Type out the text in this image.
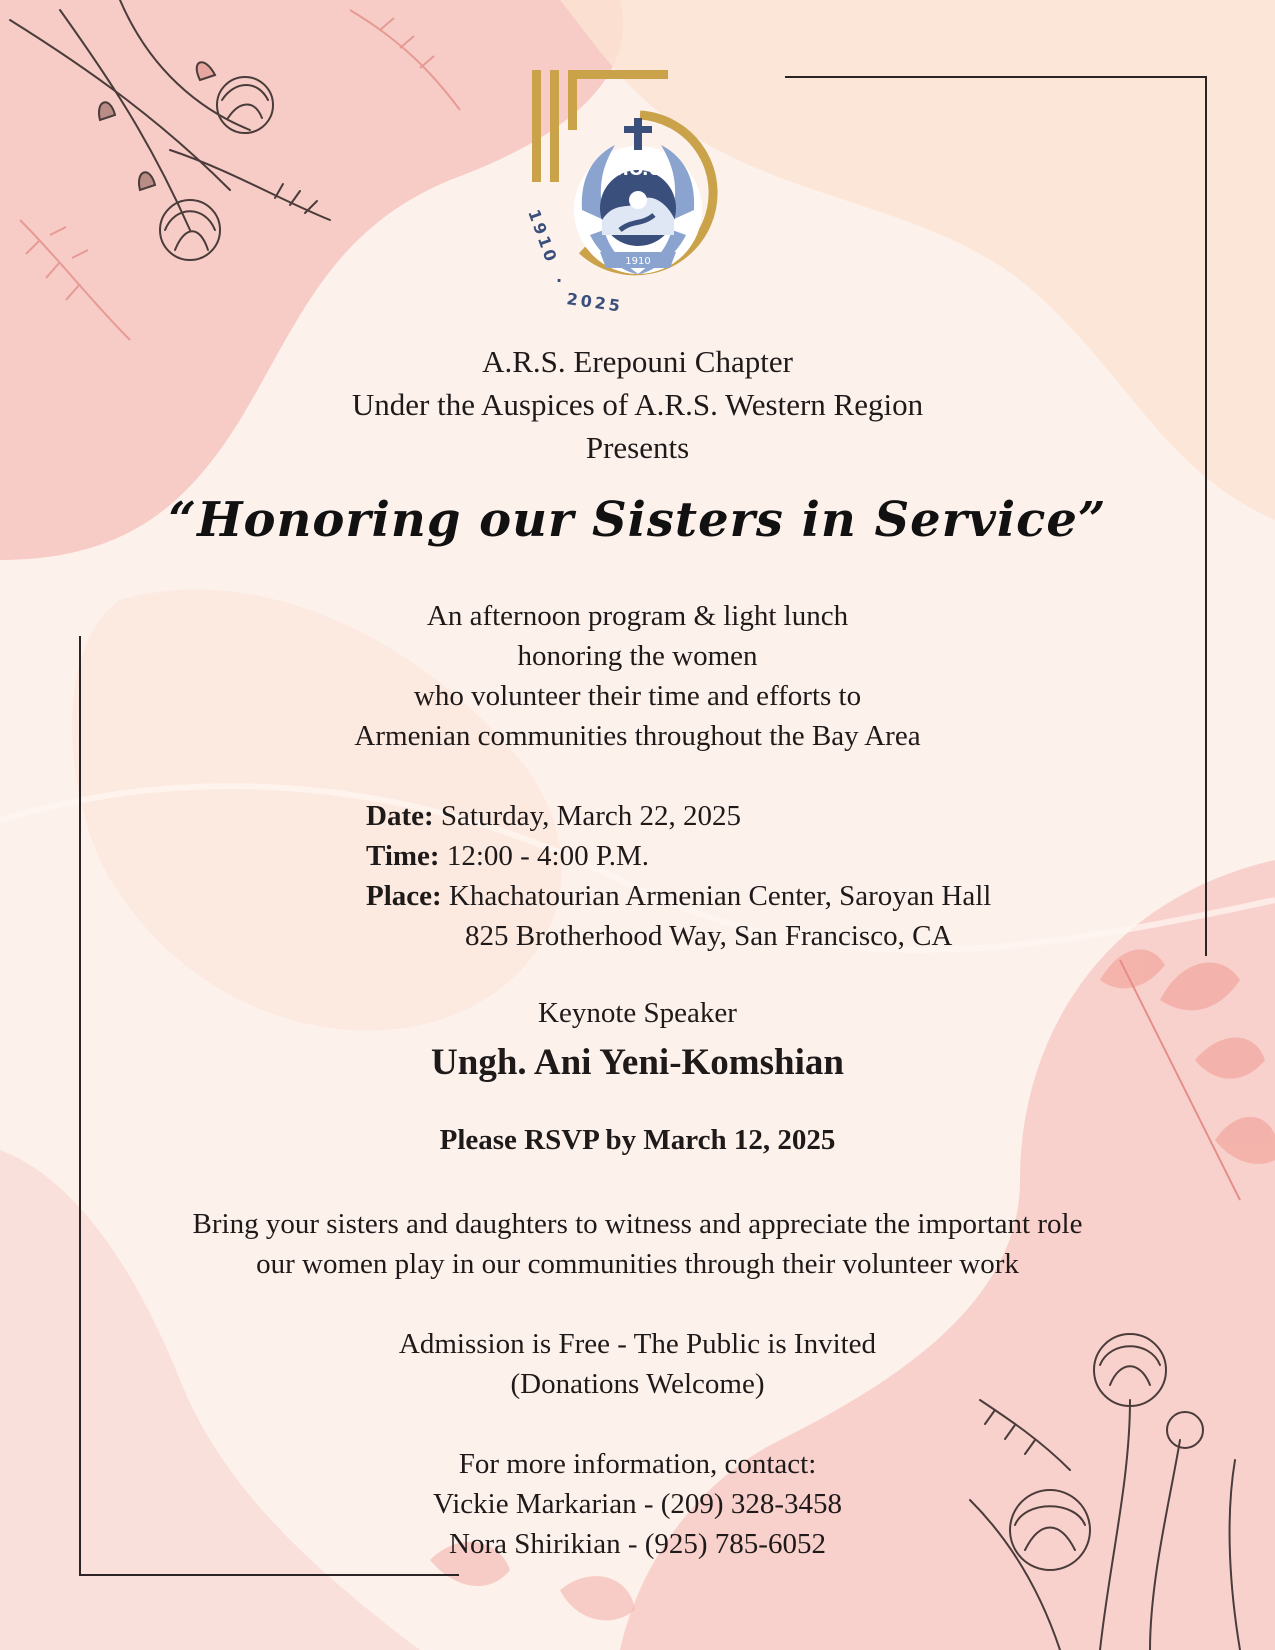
Ա.Օ.Ս.
1910
1910
.
2025
A.R.S. Erepouni Chapter
Under the Auspices of A.R.S. Western Region
Presents
“Honoring our Sisters in Service”
An afternoon program & light lunch
honoring the women
who volunteer their time and efforts to
Armenian communities throughout the Bay Area
Date: Saturday, March 22, 2025
Time: 12:00 - 4:00 P.M.
Place: Khachatourian Armenian Center, Saroyan Hall
825 Brotherhood Way, San Francisco, CA
Keynote Speaker
Ungh. Ani Yeni-Komshian
Please RSVP by March 12, 2025
Bring your sisters and daughters to witness and appreciate the important role
our women play in our communities through their volunteer work
Admission is Free - The Public is Invited
(Donations Welcome)
For more information, contact:
Vickie Markarian - (209) 328-3458
Nora Shirikian - (925) 785-6052
